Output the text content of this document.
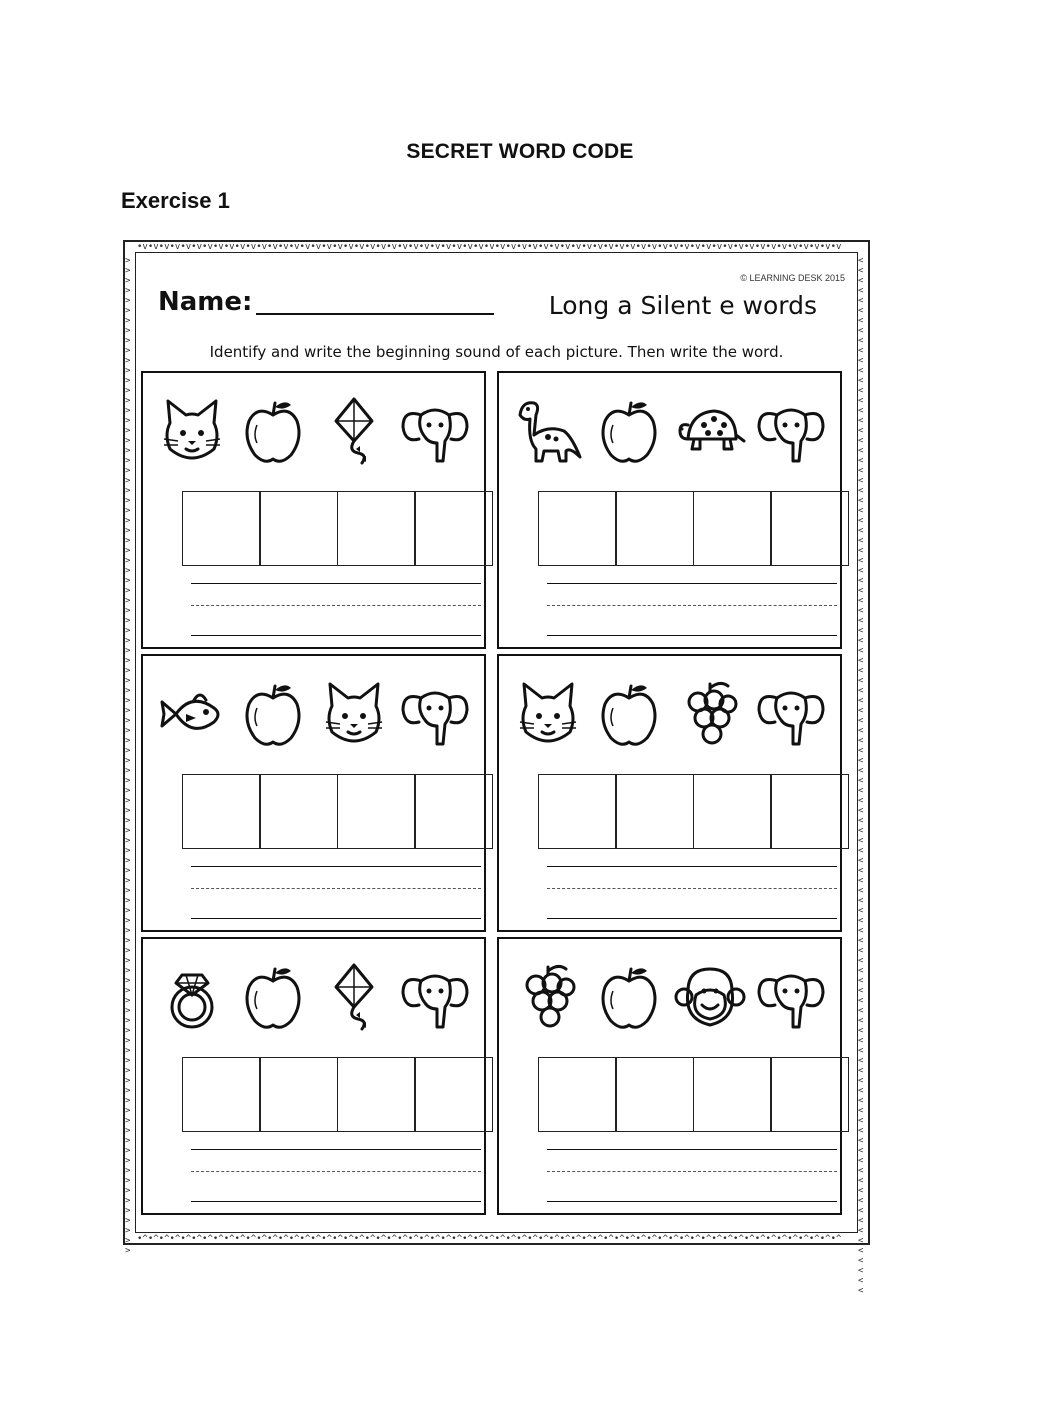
SECRET WORD CODE
Exercise 1
•v•v•v•v•v•v•v•v•v•v•v•v•v•v•v•v•v•v•v•v•v•v•v•v•v•v•v•v•v•v•v•v•v•v•v•v•v•v•v•v•v•v•v•v•v•v•v•v•v•v•v•v•v•v•v•v•v•v•v•v•v•v•v•v•v
•^•^•^•^•^•^•^•^•^•^•^•^•^•^•^•^•^•^•^•^•^•^•^•^•^•^•^•^•^•^•^•^•^•^•^•^•^•^•^•^•^•^•^•^•^•^•^•^•^•^•^•^•^•^•^•^•^•^•^•^•^•^•^•^•^
>>>>>>>>>>>>>>>>>>>>>>>>>>>>>>>>>>>>>>>>>>>>>>>>>>>>>>>>>>>>>>>>>>>>>>>>>>>>>>>>>>>>>>>>>>>>>>>>>>>>
<<<<<<<<<<<<<<<<<<<<<<<<<<<<<<<<<<<<<<<<<<<<<<<<<<<<<<<<<<<<<<<<<<<<<<<<<<<<<<<<<<<<<<<<<<<<<<<<<<<<<<<<
© LEARNING DESK 2015
Name:	Long a Silent e words
Identify and write the beginning sound of each picture. Then write the word.
